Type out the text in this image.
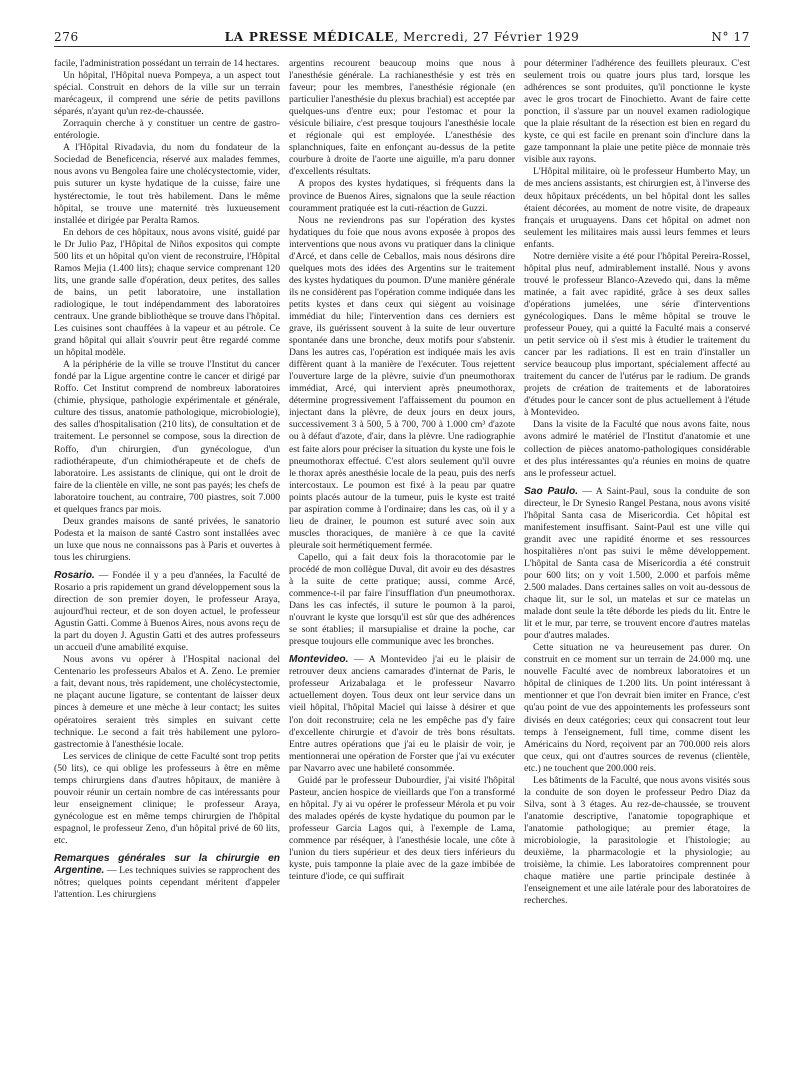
276	LA PRESSE MÉDICALE, Mercredi, 27 Février 1929	N° 17

facile, l'administration possédant un terrain de 14 hectares.

Un hôpital, l'Hôpital nueva Pompeya, a un aspect tout spécial. Construit en dehors de la ville sur un terrain marécageux, il comprend une série de petits pavillons séparés, n'ayant qu'un rez-de-chaussée.

Zorraquin cherche à y constituer un centre de gastro-entérologie.

A l'Hôpital Rivadavia, du nom du fondateur de la Sociedad de Beneficencia, réservé aux malades femmes, nous avons vu Bengolea faire une cholécystectomie, vider, puis suturer un kyste hydatique de la cuisse, faire une hystérectomie, le tout très habilement. Dans le même hôpital, se trouve une maternité très luxueusement installée et dirigée par Peralta Ramos.

En dehors de ces hôpitaux, nous avons visité, guidé par le Dr Julio Paz, l'Hôpital de Niños expositos qui compte 500 lits et un hôpital qu'on vient de reconstruire, l'Hôpital Ramos Mejia (1.400 lits); chaque service comprenant 120 lits, une grande salle d'opération, deux petites, des salles de bains, un petit laboratoire, une installation radiologique, le tout indépendamment des laboratoires centraux. Une grande bibliothèque se trouve dans l'hôpital. Les cuisines sont chauffées à la vapeur et au pétrole. Ce grand hôpital qui allait s'ouvrir peut être regardé comme un hôpital modèle.

A la périphérie de la ville se trouve l'Institut du cancer fondé par la Ligue argentine contre le cancer et dirigé par Roffo. Cet Institut comprend de nombreux laboratoires (chimie, physique, pathologie expérimentale et générale, culture des tissus, anatomie pathologique, microbiologie), des salles d'hospitalisation (210 lits), de consultation et de traitement. Le personnel se compose, sous la direction de Roffo, d'un chirurgien, d'un gynécologue, d'un radiothérapeute, d'un chimiothérapeute et de chefs de laboratoire. Les assistants de clinique, qui ont le droit de faire de la clientèle en ville, ne sont pas payés; les chefs de laboratoire touchent, au contraire, 700 piastres, soit 7.000 et quelques francs par mois.

Deux grandes maisons de santé privées, le sanatorio Podesta et la maison de santé Castro sont installées avec un luxe que nous ne connaissons pas à Paris et ouvertes à tous les chirurgiens.

Rosario. — Fondée il y a peu d'années, la Faculté de Rosario a pris rapidement un grand développement sous la direction de son premier doyen, le professeur Araya, aujourd'hui recteur, et de son doyen actuel, le professeur Agustin Gatti. Comme à Buenos Aires, nous avons reçu de la part du doyen J. Agustin Gatti et des autres professeurs un accueil d'une amabilité exquise.

Nous avons vu opérer à l'Hospital nacional del Centenario les professeurs Abalos et A. Zeno. Le premier a fait, devant nous, très rapidement, une cholécystectomie, ne plaçant aucune ligature, se contentant de laisser deux pinces à demeure et une mèche à leur contact; les suites opératoires seraient très simples en suivant cette technique. Le second a fait très habilement une pyloro-gastrectomie à l'anesthésie locale.

Les services de clinique de cette Faculté sont trop petits (50 lits), ce qui oblige les professeurs à être en même temps chirurgiens dans d'autres hôpitaux, de manière à pouvoir réunir un certain nombre de cas intéressants pour leur enseignement clinique; le professeur Araya, gynécologue est en même temps chirurgien de l'hôpital espagnol, le professeur Zeno, d'un hôpital privé de 60 lits, etc.

Remarques générales sur la chirurgie en Argentine. — Les techniques suivies se rapprochent des nôtres; quelques points cependant méritent d'appeler l'attention. Les chirurgiens

argentins recourent beaucoup moins que nous à l'anesthésie générale. La rachianesthésie y est très en faveur; pour les membres, l'anesthésie régionale (en particulier l'anesthésie du plexus brachial) est acceptée par quelques-uns d'entre eux; pour l'estomac et pour la vésicule biliaire, c'est presque toujours l'anesthésie locale et régionale qui est employée. L'anesthésie des splanchniques, faite en enfonçant au-dessus de la petite courbure à droite de l'aorte une aiguille, m'a paru donner d'excellents résultats.

A propos des kystes hydatiques, si fréquents dans la province de Buenos Aires, signalons que la seule réaction couramment pratiquée est la cuti-réaction de Guzzi.

Nous ne reviendrons pas sur l'opération des kystes hydatiques du foie que nous avons exposée à propos des interventions que nous avons vu pratiquer dans la clinique d'Arcé, et dans celle de Ceballos, mais nous désirons dire quelques mots des idées des Argentins sur le traitement des kystes hydatiques du poumon. D'une manière générale ils ne considèrent pas l'opération comme indiquée dans les petits kystes et dans ceux qui siègent au voisinage immédiat du hile; l'intervention dans ces derniers est grave, ils guérissent souvent à la suite de leur ouverture spontanée dans une bronche, deux motifs pour s'abstenir. Dans les autres cas, l'opération est indiquée mais les avis diffèrent quant à la manière de l'exécuter. Tous rejettent l'ouverture large de la plèvre, suivie d'un pneumothorax immédiat, Arcé, qui intervient après pneumothorax, détermine progressivement l'affaissement du poumon en injectant dans la plèvre, de deux jours en deux jours, successivement 3 à 500, 5 à 700, 700 à 1.000 cm³ d'azote ou à défaut d'azote, d'air, dans la plèvre. Une radiographie est faite alors pour préciser la situation du kyste une fois le pneumothorax effectué. C'est alors seulement qu'il ouvre le thorax après anesthésie locale de la peau, puis des nerfs intercostaux. Le poumon est fixé à la peau par quatre points placés autour de la tumeur, puis le kyste est traité par aspiration comme à l'ordinaire; dans les cas, où il y a lieu de drainer, le poumon est suturé avec soin aux muscles thoraciques, de manière à ce que la cavité pleurale soit hermétiquement fermée.

Capello, qui a fait deux fois la thoracotomie par le procédé de mon collègue Duval, dit avoir eu des désastres à la suite de cette pratique; aussi, comme Arcé, commence-t-il par faire l'insufflation d'un pneumothorax. Dans les cas infectés, il suture le poumon à la paroi, n'ouvrant le kyste que lorsqu'il est sûr que des adhérences se sont établies; il marsupialise et draine la poche, car presque toujours elle communique avec les bronches.

Montevideo. — A Montevideo j'ai eu le plaisir de retrouver deux anciens camarades d'internat de Paris, le professeur Arizabalaga et le professeur Navarro actuellement doyen. Tous deux ont leur service dans un vieil hôpital, l'hôpital Maciel qui laisse à désirer et que l'on doit reconstruire; cela ne les empêche pas d'y faire d'excellente chirurgie et d'avoir de très bons résultats. Entre autres opérations que j'ai eu le plaisir de voir, je mentionnerai une opération de Forster que j'ai vu exécuter par Navarro avec une habileté consommée.

Guidé par le professeur Dubourdier, j'ai visité l'hôpital Pasteur, ancien hospice de vieillards que l'on a transformé en hôpital. J'y ai vu opérer le professeur Mérola et pu voir des malades opérés de kyste hydatique du poumon par le professeur Garcia Lagos qui, à l'exemple de Lama, commence par réséquer, à l'anesthésie locale, une côte à l'union du tiers supérieur et des deux tiers inférieurs du kyste, puis tamponne la plaie avec de la gaze imbibée de teinture d'iode, ce qui suffirait

pour déterminer l'adhérence des feuillets pleuraux. C'est seulement trois ou quatre jours plus tard, lorsque les adhérences se sont produites, qu'il ponctionne le kyste avec le gros trocart de Finochietto. Avant de faire cette ponction, il s'assure par un nouvel examen radiologique que la plaie résultant de la résection est bien en regard du kyste, ce qui est facile en prenant soin d'inclure dans la gaze tamponnant la plaie une petite pièce de monnaie très visible aux rayons.

L'Hôpital militaire, où le professeur Humberto May, un de mes anciens assistants, est chirurgien est, à l'inverse des deux hôpitaux précédents, un bel hôpital dont les salles étaient décorées, au moment de notre visite, de drapeaux français et uruguayens. Dans cet hôpital on admet non seulement les militaires mais aussi leurs femmes et leurs enfants.

Notre dernière visite a été pour l'hôpital Pereira-Rossel, hôpital plus neuf, admirablement installé. Nous y avons trouvé le professeur Blanco-Azevedo qui, dans la même matinée, a fait avec rapidité, grâce à ses deux salles d'opérations jumelées, une série d'interventions gynécologiques. Dans le même hôpital se trouve le professeur Pouey, qui a quitté la Faculté mais a conservé un petit service où il s'est mis à étudier le traitement du cancer par les radiations. Il est en train d'installer un service beaucoup plus important, spécialement affecté au traitement du cancer de l'utérus par le radium. De grands projets de création de traitements et de laboratoires d'études pour le cancer sont de plus actuellement à l'étude à Montevideo.

Dans la visite de la Faculté que nous avons faite, nous avons admiré le matériel de l'Institut d'anatomie et une collection de pièces anatomo-pathologiques considérable et des plus intéressantes qu'a réunies en moins de quatre ans le professeur actuel.

Sao Paulo. — A Saint-Paul, sous la conduite de son directeur, le Dr Synesio Rangel Pestana, nous avons visité l'hôpital Santa casa de Misericordia. Cet hôpital est manifestement insuffisant. Saint-Paul est une ville qui grandit avec une rapidité énorme et ses ressources hospitalières n'ont pas suivi le même développement. L'hôpital de Santa casa de Misericordia a été construit pour 600 lits; on y voit 1.500, 2.000 et parfois même 2.500 malades. Dans certaines salles on voit au-dessous de chaque lit, sur le sol, un matelas et sur ce matelas un malade dont seule la tête déborde les pieds du lit. Entre le lit et le mur, par terre, se trouvent encore d'autres matelas pour d'autres malades.

Cette situation ne va heureusement pas durer. On construit en ce moment sur un terrain de 24.000 mq. une nouvelle Faculté avec de nombreux laboratoires et un hôpital de cliniques de 1.200 lits. Un point intéressant à mentionner et que l'on devrait bien imiter en France, c'est qu'au point de vue des appointements les professeurs sont divisés en deux catégories; ceux qui consacrent tout leur temps à l'enseignement, full time, comme disent les Américains du Nord, reçoivent par an 700.000 reis alors que ceux, qui ont d'autres sources de revenus (clientèle, etc.) ne touchent que 200.000 reis.

Les bâtiments de la Faculté, que nous avons visités sous la conduite de son doyen le professeur Pedro Diaz da Silva, sont à 3 étages. Au rez-de-chaussée, se trouvent l'anatomie descriptive, l'anatomie topographique et l'anatomie pathologique; au premier étage, la microbiologie, la parasitologie et l'histologie; au deuxième, la pharmacologie et la physiologie; au troisième, la chimie. Les laboratoires comprennent pour chaque matière une partie principale destinée à l'enseignement et une aile latérale pour des laboratoires de recherches.
